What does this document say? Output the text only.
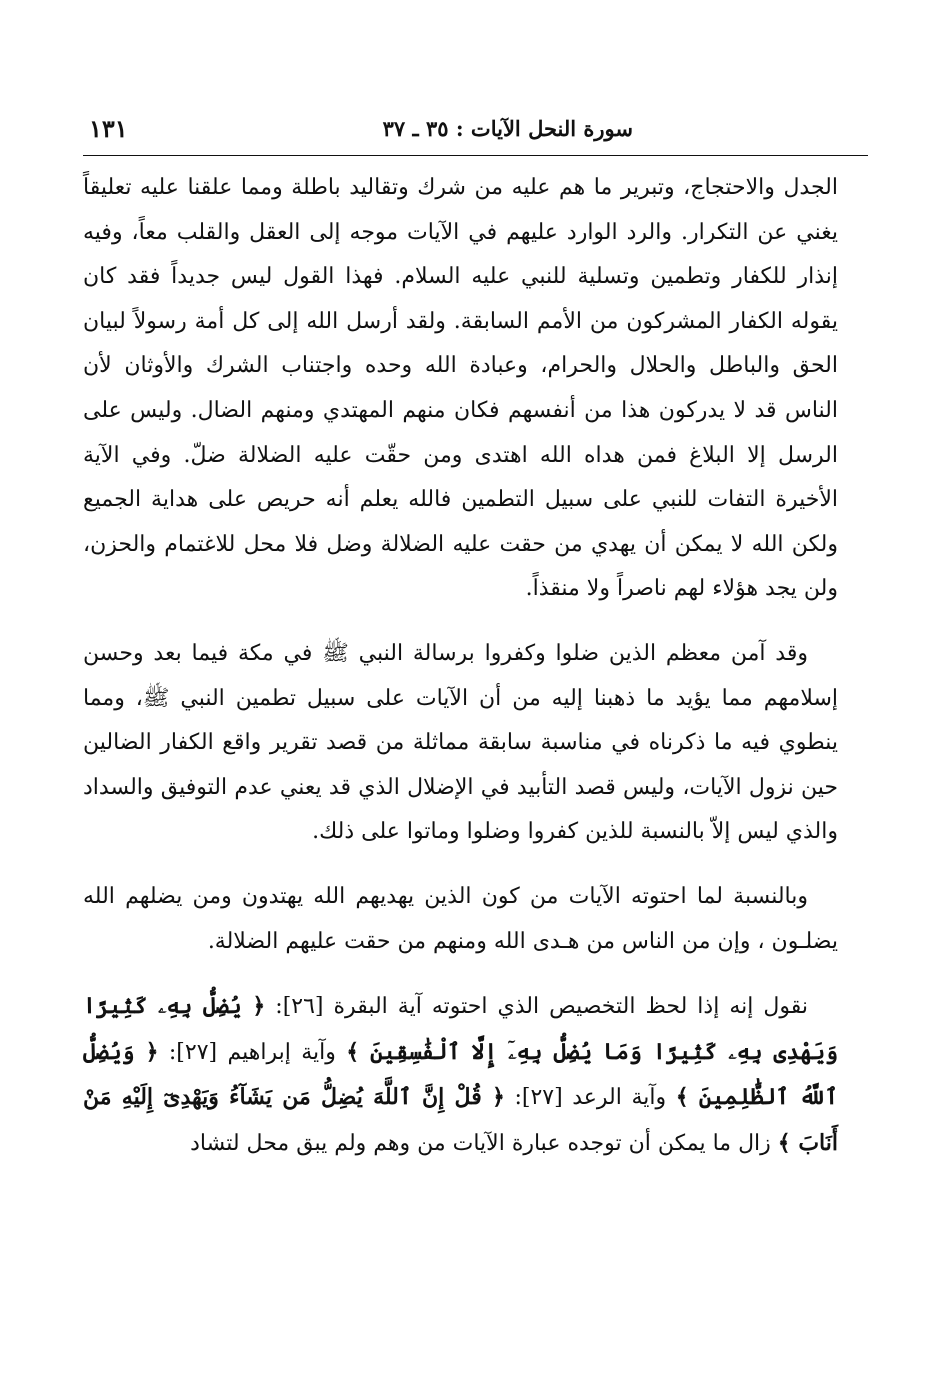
سورة النحل الآيات : ٣٥ ـ ٣٧
١٣١

الجدل والاحتجاج، وتبرير ما هم عليه من شرك وتقاليد باطلة ومما علقنا عليه تعليقاً يغني عن التكرار. والرد الوارد عليهم في الآيات موجه إلى العقل والقلب معاً، وفيه إنذار للكفار وتطمين وتسلية للنبي عليه السلام. فهذا القول ليس جديداً فقد كان يقوله الكفار المشركون من الأمم السابقة. ولقد أرسل الله إلى كل أمة رسولاً لبيان الحق والباطل والحلال والحرام، وعبادة الله وحده واجتناب الشرك والأوثان لأن الناس قد لا يدركون هذا من أنفسهم فكان منهم المهتدي ومنهم الضال. وليس على الرسل إلا البلاغ فمن هداه الله اهتدى ومن حقّت عليه الضلالة ضلّ. وفي الآية الأخيرة التفات للنبي على سبيل التطمين فالله يعلم أنه حريص على هداية الجميع ولكن الله لا يمكن أن يهدي من حقت عليه الضلالة وضل فلا محل للاغتمام والحزن، ولن يجد هؤلاء لهم ناصراً ولا منقذاً.

وقد آمن معظم الذين ضلوا وكفروا برسالة النبي ﷺ في مكة فيما بعد وحسن إسلامهم مما يؤيد ما ذهبنا إليه من أن الآيات على سبيل تطمين النبي ﷺ، ومما ينطوي فيه ما ذكرناه في مناسبة سابقة مماثلة من قصد تقرير واقع الكفار الضالين حين نزول الآيات، وليس قصد التأبيد في الإضلال الذي قد يعني عدم التوفيق والسداد والذي ليس إلاّ بالنسبة للذين كفروا وضلوا وماتوا على ذلك.

وبالنسبة لما احتوته الآيات من كون الذين يهديهم الله يهتدون ومن يضلهم الله يضلـون ، وإن من الناس من هـدى الله ومنهم من حقت عليهم الضلالة.

نقول إنه إذا لحظ التخصيص الذي احتوته آية البقرة [٢٦]: ﴿ يُضِلُّ بِهِۦ كَثِيرًا وَيَهْدِى بِهِۦ كَثِيرًا وَمَا يُضِلُّ بِهِۦٓ إِلَّا ٱلْفَٰسِقِينَ ﴾ وآية إبراهيم [٢٧]: ﴿ وَيُضِلُّ ٱللَّهُ ٱلظَّٰلِمِينَ ﴾ وآية الرعد [٢٧]: ﴿ قُلْ إِنَّ ٱللَّهَ يُضِلُّ مَن يَشَآءُ وَيَهْدِىٓ إِلَيْهِ مَنْ أَنَابَ ﴾ زال ما يمكن أن توجده عبارة الآيات من وهم ولم يبق محل لتشاد
